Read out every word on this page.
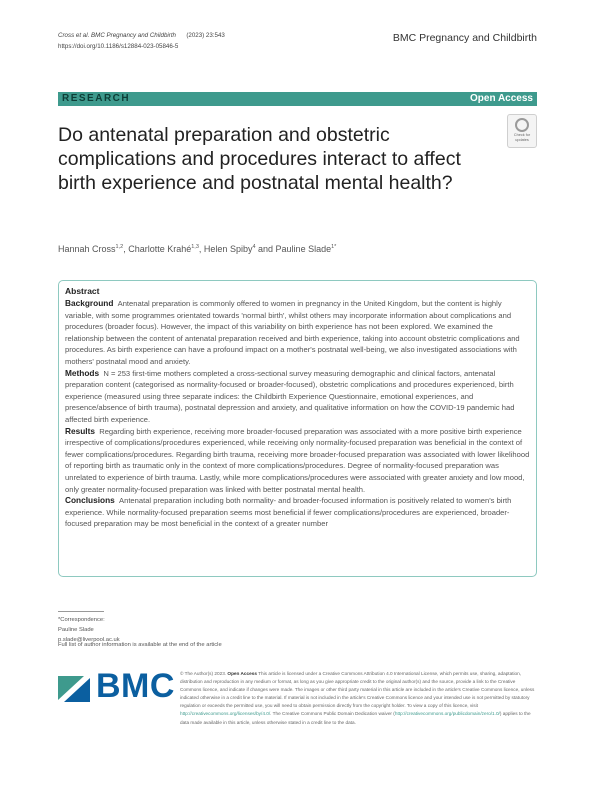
Cross et al. BMC Pregnancy and Childbirth (2023) 23:543
https://doi.org/10.1186/s12884-023-05846-5
BMC Pregnancy and Childbirth
RESEARCH	Open Access
Do antenatal preparation and obstetric complications and procedures interact to affect birth experience and postnatal mental health?
Check for
updates
Hannah Cross$^{1,2}$, Charlotte Krahé$^{1,3}$, Helen Spiby$^4$ and Pauline Slade$^{1*}$
Abstract

Background Antenatal preparation is commonly offered to women in pregnancy in the United Kingdom, but the content is highly variable, with some programmes orientated towards 'normal birth', whilst others may incorporate information about complications and procedures (broader focus). However, the impact of this variability on birth experience has not been explored. We examined the relationship between the content of antenatal preparation received and birth experience, taking into account obstetric complications and procedures. As birth experience can have a profound impact on a mother's postnatal well-being, we also investigated associations with mothers' postnatal mood and anxiety.

Methods N = 253 first-time mothers completed a cross-sectional survey measuring demographic and clinical factors, antenatal preparation content (categorised as normality-focused or broader-focused), obstetric complications and procedures experienced, birth experience (measured using three separate indices: the Childbirth Experience Questionnaire, emotional experiences, and presence/absence of birth trauma), postnatal depression and anxiety, and qualitative information on how the COVID-19 pandemic had affected birth experience.

Results Regarding birth experience, receiving more broader-focused preparation was associated with a more positive birth experience irrespective of complications/procedures experienced, while receiving only normality-focused preparation was beneficial in the context of fewer complications/procedures. Regarding birth trauma, receiving more broader-focused preparation was associated with lower likelihood of reporting birth as traumatic only in the context of more complications/procedures. Degree of normality-focused preparation was unrelated to experience of birth trauma. Lastly, while more complications/procedures were associated with greater anxiety and low mood, only greater normality-focused preparation was linked with better postnatal mental health.

Conclusions Antenatal preparation including both normality- and broader-focused information is positively related to women's birth experience. While normality-focused preparation seems most beneficial if fewer complications/procedures are experienced, broader-focused preparation may be most beneficial in the context of a greater number

*Correspondence:
Pauline Slade
p.slade@liverpool.ac.uk
Full list of author information is available at the end of the article
BMC © The Author(s) 2023. Open Access This article is licensed under a Creative Commons Attribution 4.0 International License, which permits use, sharing, adaptation, distribution and reproduction in any medium or format, as long as you give appropriate credit to the original author(s) and the source, provide a link to the Creative Commons licence, and indicate if changes were made. The images or other third party material in this article are included in the article's Creative Commons licence, unless indicated otherwise in a credit line to the material. If material is not included in the article's Creative Commons licence and your intended use is not permitted by statutory regulation or exceeds the permitted use, you will need to obtain permission directly from the copyright holder. To view a copy of this licence, visit http://creativecommons.org/licenses/by/4.0/. The Creative Commons Public Domain Dedication waiver (http://creativecommons.org/publicdomain/zero/1.0/) applies to the data made available in this article, unless otherwise stated in a credit line to the data.
